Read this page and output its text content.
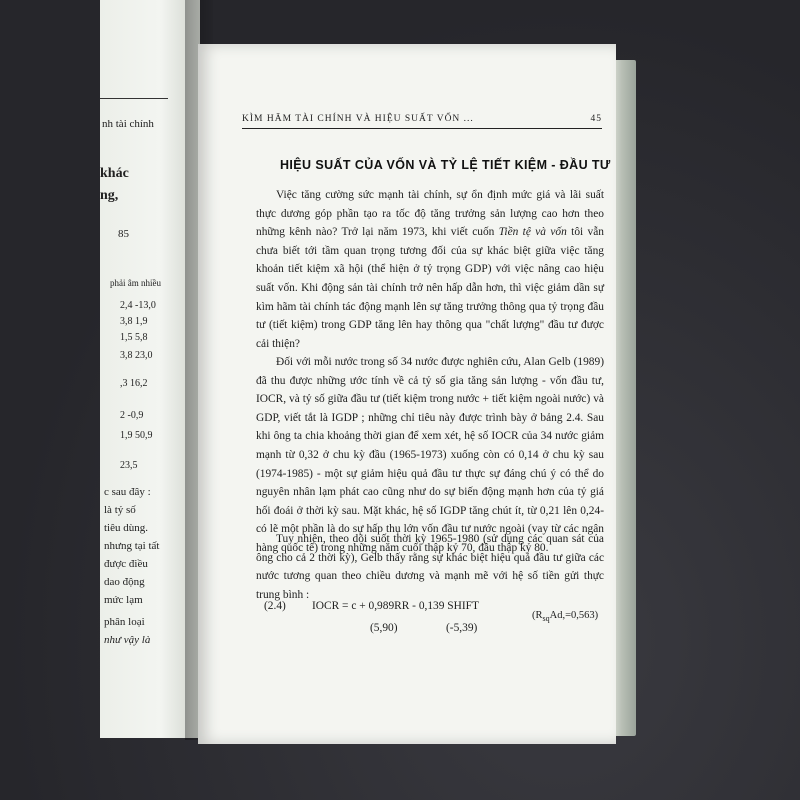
nh tài chính
khác
ng,
85
phải âm nhiều
2,4 -13,0
3,8 1,9
1,5 5,8
3,8 23,0
,3 16,2
2 -0,9
1,9 50,9
23,5
c sau đây :
là tỷ số
tiêu dùng.
nhưng tại tất
được điều
dao động
mức lạm
phân loại
như vậy là
KÌM HÃM TÀI CHÍNH VÀ HIỆU SUẤT VỐN ...	45
HIỆU SUẤT CỦA VỐN VÀ TỶ LỆ TIẾT KIỆM - ĐẦU TƯ
Việc tăng cường sức mạnh tài chính, sự ổn định mức giá và lãi suất thực dương góp phần tạo ra tốc độ tăng trưởng sản lượng cao hơn theo những kênh nào? Trở lại năm 1973, khi viết cuốn Tiền tệ và vốn tôi vẫn chưa biết tới tầm quan trọng tương đối của sự khác biệt giữa việc tăng khoản tiết kiệm xã hội (thể hiện ở tỷ trọng GDP) với việc nâng cao hiệu suất vốn. Khi động sản tài chính trở nên hấp dẫn hơn, thì việc giảm dần sự kìm hãm tài chính tác động mạnh lên sự tăng trưởng thông qua tỷ trọng đầu tư (tiết kiệm) trong GDP tăng lên hay thông qua "chất lượng" đầu tư được cải thiện?
Đối với mỗi nước trong số 34 nước được nghiên cứu, Alan Gelb (1989) đã thu được những ước tính về cả tỷ số gia tăng sản lượng - vốn đầu tư, IOCR, và tỷ số giữa đầu tư (tiết kiệm trong nước + tiết kiệm ngoài nước) và GDP, viết tắt là IGDP ; những chỉ tiêu này được trình bày ở bảng 2.4. Sau khi ông ta chia khoảng thời gian để xem xét, hệ số IOCR của 34 nước giảm mạnh từ 0,32 ở chu kỳ đầu (1965-1973) xuống còn có 0,14 ở chu kỳ sau (1974-1985) - một sự giảm hiệu quả đầu tư thực sự đáng chú ý có thể do nguyên nhân lạm phát cao cũng như do sự biến động mạnh hơn của tỷ giá hối đoái ở thời kỳ sau. Mặt khác, hệ số IGDP tăng chút ít, từ 0,21 lên 0,24- có lẽ một phần là do sự hấp thụ lớn vốn đầu tư nước ngoài (vay từ các ngân hàng quốc tế) trong những năm cuối thập kỷ 70, đầu thập kỷ 80.
Tuy nhiên, theo dõi suốt thời kỳ 1965-1980 (sử dụng các quan sát của ông cho cả 2 thời kỳ), Gelb thấy rằng sự khác biệt hiệu quả đầu tư giữa các nước tương quan theo chiều dương và mạnh mẽ với hệ số tiền gửi thực trung bình :
(2.4) IOCR = c + 0,989RR - 0,139 SHIFT
$(R_{sq}Ad,=0,563)$
(5,90)	(-5,39)
